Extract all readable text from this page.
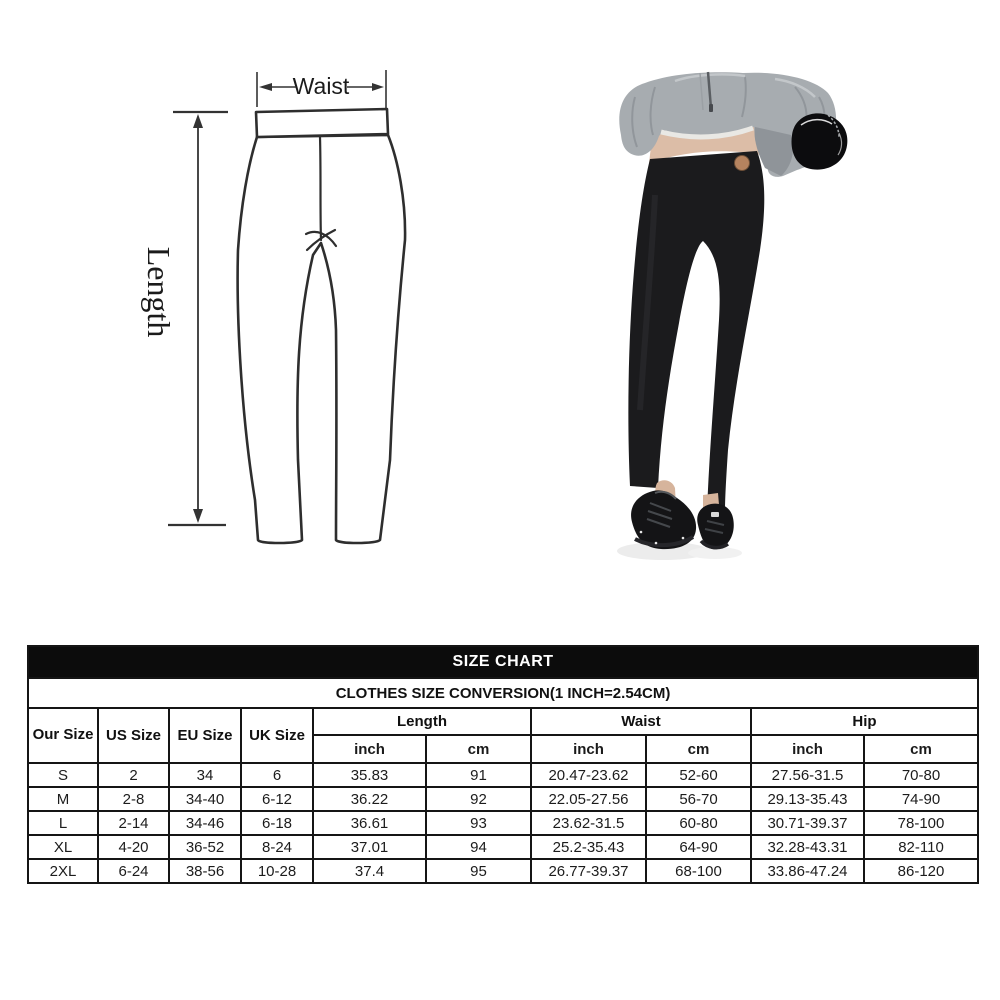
Waist
Length
SIZE CHART									
CLOTHES SIZE CONVERSION(1 INCH=2.54CM)									
Our Size	US Size	EU Size	UK Size	Length		Waist		Hip	
				inch	cm	inch	cm	inch	cm
S	2	34	6	35.83	91	20.47-23.62	52-60	27.56-31.5	70-80
M	2-8	34-40	6-12	36.22	92	22.05-27.56	56-70	29.13-35.43	74-90
L	2-14	34-46	6-18	36.61	93	23.62-31.5	60-80	30.71-39.37	78-100
XL	4-20	36-52	8-24	37.01	94	25.2-35.43	64-90	32.28-43.31	82-110
2XL	6-24	38-56	10-28	37.4	95	26.77-39.37	68-100	33.86-47.24	86-120
